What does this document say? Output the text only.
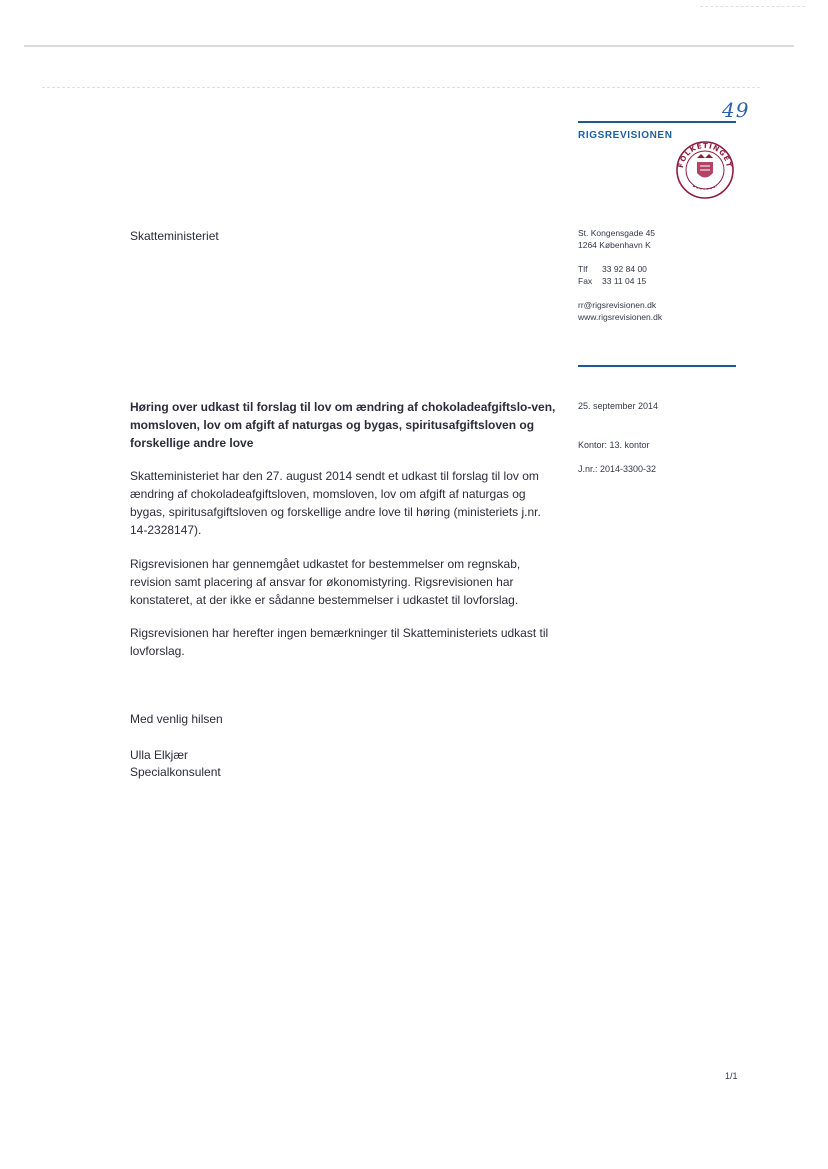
49
RIGSREVISIONEN
FOLKETINGET
Skatteministeriet	St. Kongensgade 45
1264 København K
Tlf 33 92 84 00
Fax 33 11 04 15
rr@rigsrevisionen.dk
www.rigsrevisionen.dk
25. september 2014
Kontor: 13. kontor
J.nr.: 2014-3300-32
Høring over udkast til forslag til lov om ændring af chokoladeafgiftslo-ven, momsloven, lov om afgift af naturgas og bygas, spiritusafgiftsloven og forskellige andre love

Skatteministeriet har den 27. august 2014 sendt et udkast til forslag til lov om ændring af chokoladeafgiftsloven, momsloven, lov om afgift af naturgas og bygas, spiritusafgiftsloven og forskellige andre love til høring (ministeriets j.nr. 14-2328147).

Rigsrevisionen har gennemgået udkastet for bestemmelser om regnskab, revision samt placering af ansvar for økonomistyring. Rigsrevisionen har konstateret, at der ikke er sådanne bestemmelser i udkastet til lovforslag.

Rigsrevisionen har herefter ingen bemærkninger til Skatteministeriets udkast til lovforslag.

Med venlig hilsen
Ulla Elkjær
Specialkonsulent
1/1
